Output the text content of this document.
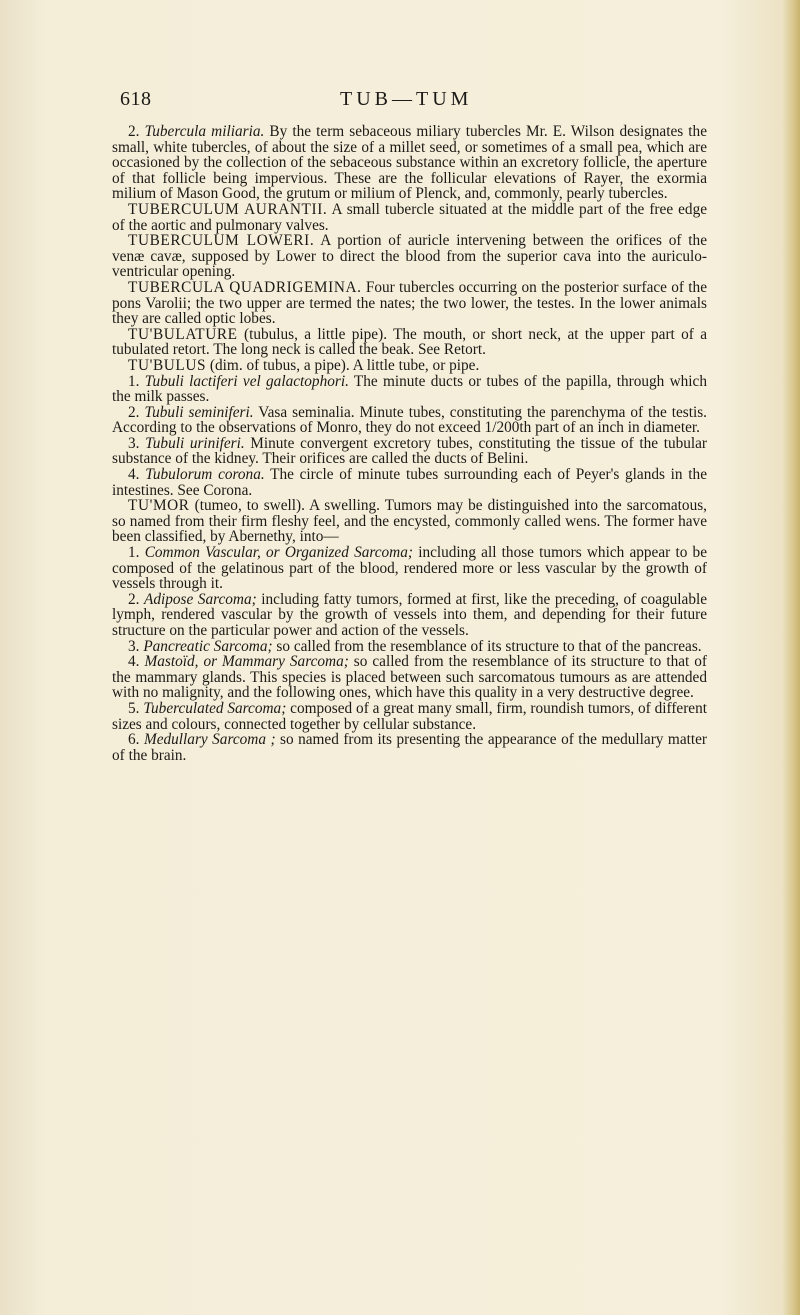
618	TUB—TUM

2. Tubercula miliaria. By the term sebaceous miliary tubercles Mr. E. Wilson designates the small, white tubercles, of about the size of a millet seed, or sometimes of a small pea, which are occasioned by the collection of the sebaceous substance within an excretory follicle, the aperture of that follicle being impervious. These are the follicular elevations of Rayer, the exormia milium of Mason Good, the grutum or milium of Plenck, and, commonly, pearly tubercles.

TUBERCULUM AURANTII. A small tubercle situated at the middle part of the free edge of the aortic and pulmonary valves.

TUBERCULUM LOWERI. A portion of auricle intervening between the orifices of the venæ cavæ, supposed by Lower to direct the blood from the superior cava into the auriculo-ventricular opening.

TUBERCULA QUADRIGEMINA. Four tubercles occurring on the posterior surface of the pons Varolii; the two upper are termed the nates; the two lower, the testes. In the lower animals they are called optic lobes.

TU'BULATURE (tubulus, a little pipe). The mouth, or short neck, at the upper part of a tubulated retort. The long neck is called the beak. See Retort.

TU'BULUS (dim. of tubus, a pipe). A little tube, or pipe.

1. Tubuli lactiferi vel galactophori. The minute ducts or tubes of the papilla, through which the milk passes.

2. Tubuli seminiferi. Vasa seminalia. Minute tubes, constituting the parenchyma of the testis. According to the observations of Monro, they do not exceed 1/200th part of an inch in diameter.

3. Tubuli uriniferi. Minute convergent excretory tubes, constituting the tissue of the tubular substance of the kidney. Their orifices are called the ducts of Belini.

4. Tubulorum corona. The circle of minute tubes surrounding each of Peyer's glands in the intestines. See Corona.

TU'MOR (tumeo, to swell). A swelling. Tumors may be distinguished into the sarcomatous, so named from their firm fleshy feel, and the encysted, commonly called wens. The former have been classified, by Abernethy, into—

1. Common Vascular, or Organized Sarcoma; including all those tumors which appear to be composed of the gelatinous part of the blood, rendered more or less vascular by the growth of vessels through it.

2. Adipose Sarcoma; including fatty tumors, formed at first, like the preceding, of coagulable lymph, rendered vascular by the growth of vessels into them, and depending for their future structure on the particular power and action of the vessels.

3. Pancreatic Sarcoma; so called from the resemblance of its structure to that of the pancreas.

4. Mastoïd, or Mammary Sarcoma; so called from the resemblance of its structure to that of the mammary glands. This species is placed between such sarcomatous tumours as are attended with no malignity, and the following ones, which have this quality in a very destructive degree.

5. Tuberculated Sarcoma; composed of a great many small, firm, roundish tumors, of different sizes and colours, connected together by cellular substance.

6. Medullary Sarcoma ; so named from its presenting the appearance of the medullary matter of the brain.
